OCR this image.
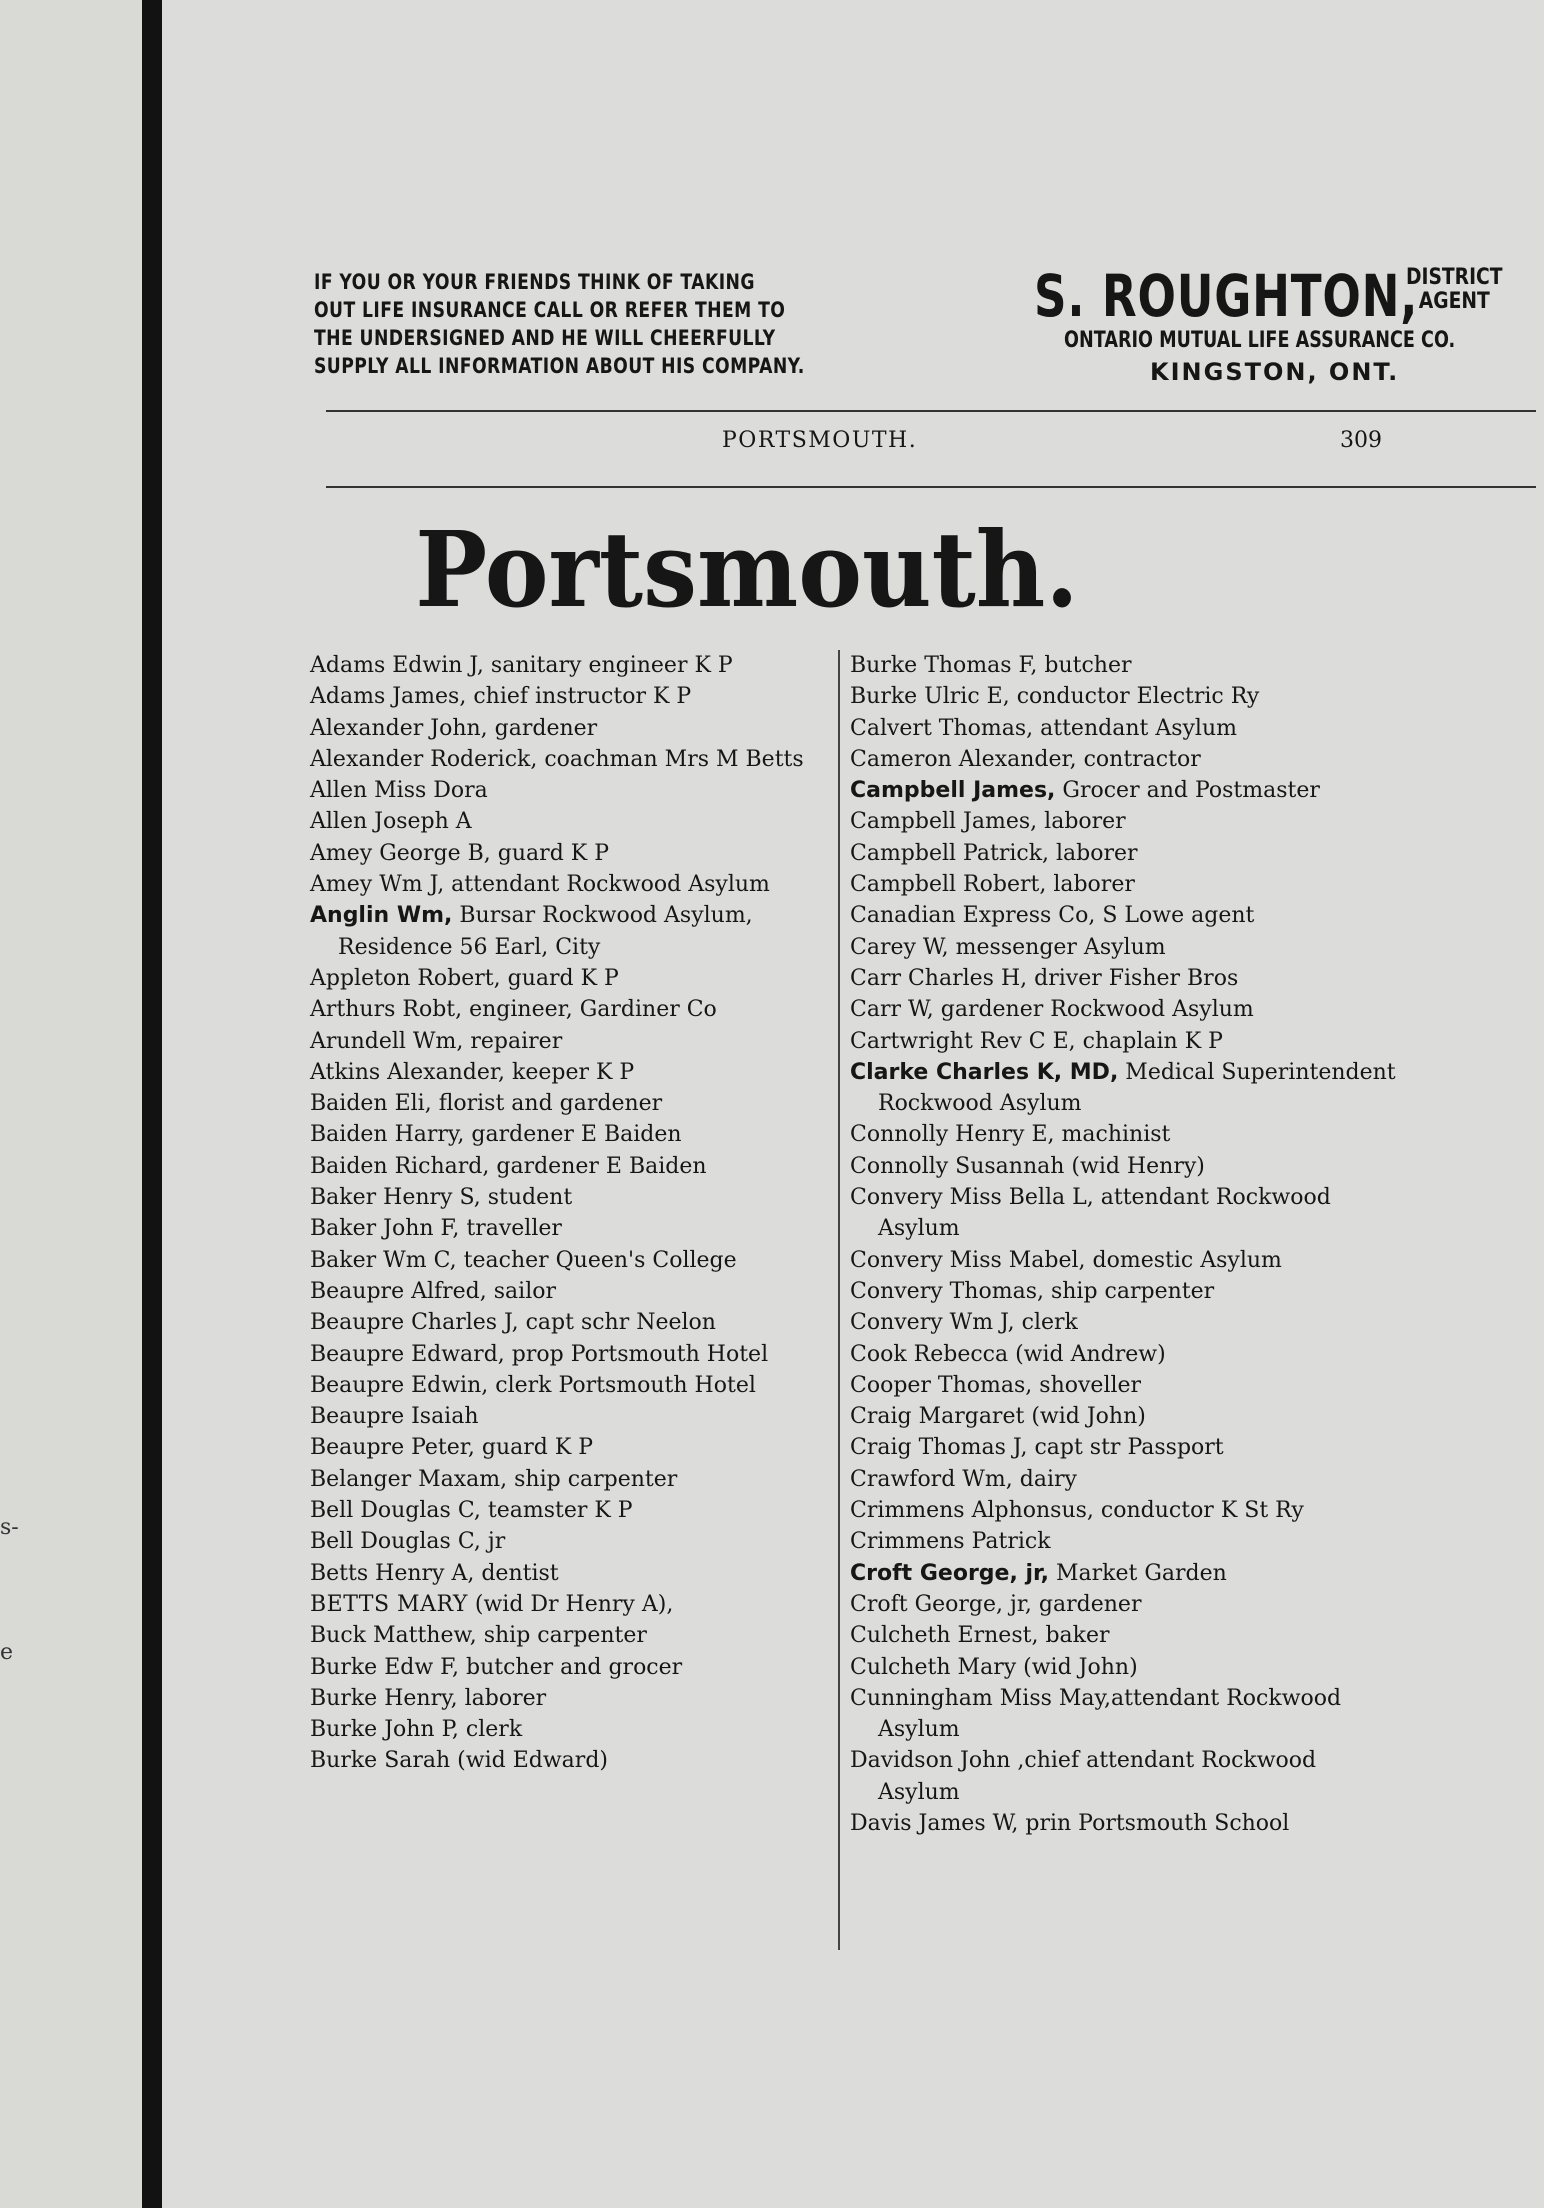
s-
e
IF YOU OR YOUR FRIENDS THINK OF TAKING
OUT LIFE INSURANCE CALL OR REFER THEM TO
THE UNDERSIGNED AND HE WILL CHEERFULLY
SUPPLY ALL INFORMATION ABOUT HIS COMPANY.
S. ROUGHTON,
DISTRICT
AGENT
ONTARIO MUTUAL LIFE ASSURANCE CO.
KINGSTON, ONT.
PORTSMOUTH.	309
Portsmouth.
Adams Edwin J, sanitary engineer K P
Adams James, chief instructor K P
Alexander John, gardener
Alexander Roderick, coachman Mrs M Betts
Allen Miss Dora
Allen Joseph A
Amey George B, guard K P
Amey Wm J, attendant Rockwood Asylum
Anglin Wm, Bursar Rockwood Asylum, Residence 56 Earl, City
Appleton Robert, guard K P
Arthurs Robt, engineer, Gardiner Co
Arundell Wm, repairer
Atkins Alexander, keeper K P
Baiden Eli, florist and gardener
Baiden Harry, gardener E Baiden
Baiden Richard, gardener E Baiden
Baker Henry S, student
Baker John F, traveller
Baker Wm C, teacher Queen's College
Beaupre Alfred, sailor
Beaupre Charles J, capt schr Neelon
Beaupre Edward, prop Portsmouth Hotel
Beaupre Edwin, clerk Portsmouth Hotel
Beaupre Isaiah
Beaupre Peter, guard K P
Belanger Maxam, ship carpenter
Bell Douglas C, teamster K P
Bell Douglas C, jr
Betts Henry A, dentist
BETTS MARY (wid Dr Henry A),
Buck Matthew, ship carpenter
Burke Edw F, butcher and grocer
Burke Henry, laborer
Burke John P, clerk
Burke Sarah (wid Edward)
Burke Thomas F, butcher
Burke Ulric E, conductor Electric Ry
Calvert Thomas, attendant Asylum
Cameron Alexander, contractor
Campbell James, Grocer and Postmaster
Campbell James, laborer
Campbell Patrick, laborer
Campbell Robert, laborer
Canadian Express Co, S Lowe agent
Carey W, messenger Asylum
Carr Charles H, driver Fisher Bros
Carr W, gardener Rockwood Asylum
Cartwright Rev C E, chaplain K P
Clarke Charles K, MD, Medical Superintendent Rockwood Asylum
Connolly Henry E, machinist
Connolly Susannah (wid Henry)
Convery Miss Bella L, attendant Rockwood Asylum
Convery Miss Mabel, domestic Asylum
Convery Thomas, ship carpenter
Convery Wm J, clerk
Cook Rebecca (wid Andrew)
Cooper Thomas, shoveller
Craig Margaret (wid John)
Craig Thomas J, capt str Passport
Crawford Wm, dairy
Crimmens Alphonsus, conductor K St Ry
Crimmens Patrick
Croft George, jr, Market Garden
Croft George, jr, gardener
Culcheth Ernest, baker
Culcheth Mary (wid John)
Cunningham Miss May,attendant Rockwood Asylum
Davidson John ,chief attendant Rockwood Asylum
Davis James W, prin Portsmouth School
